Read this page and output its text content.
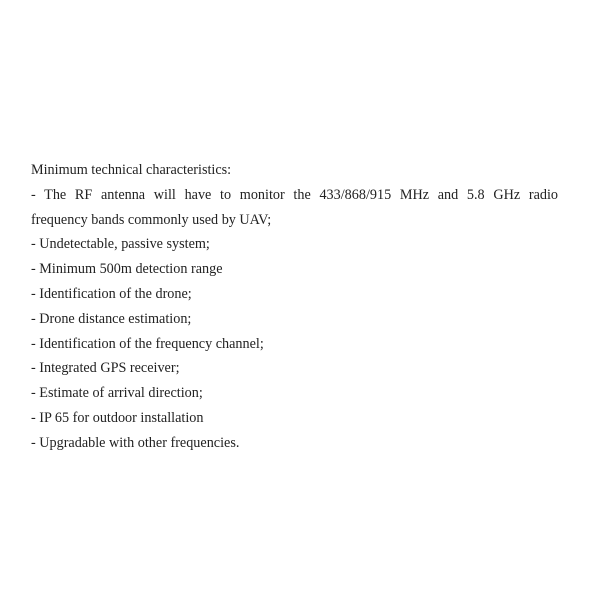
Minimum technical characteristics:
- The RF antenna will have to monitor the 433/868/915 MHz and 5.8 GHz radio
frequency bands commonly used by UAV;
- Undetectable, passive system;
- Minimum 500m detection range
- Identification of the drone;
- Drone distance estimation;
- Identification of the frequency channel;
- Integrated GPS receiver;
- Estimate of arrival direction;
- IP 65 for outdoor installation
- Upgradable with other frequencies.
